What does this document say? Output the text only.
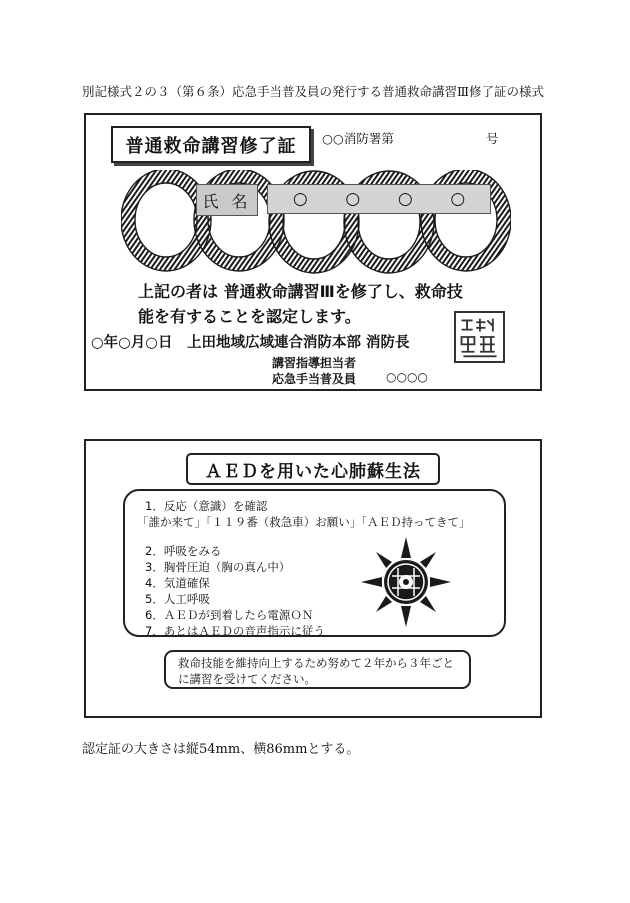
別記様式２の３（第６条）応急手当普及員の発行する普通救命講習Ⅲ修了証の様式
普通救命講習修了証	○○消防署第	号
氏 名	○ ○ ○ ○
上記の者は 普通救命講習Ⅲを修了し、救命技
能を有することを認定します。
○年○月○日　上田地域広域連合消防本部 消防長
講習指導担当者
応急手当普及員 ○○○○
ＡＥＤを用いた心肺蘇生法
1．反応（意識）を確認
「誰か来て」「１１９番（救急車）お願い」「ＡＥＤ持ってきて」
2．呼吸をみる
3．胸骨圧迫（胸の真ん中）
4．気道確保
5．人工呼吸
6．ＡＥＤが到着したら電源ＯＮ
7．あとはＡＥＤの音声指示に従う
救命技能を維持向上するため努めて２年から３年ごと
に講習を受けてください。
認定証の大きさは縦54mm、横86mmとする。
